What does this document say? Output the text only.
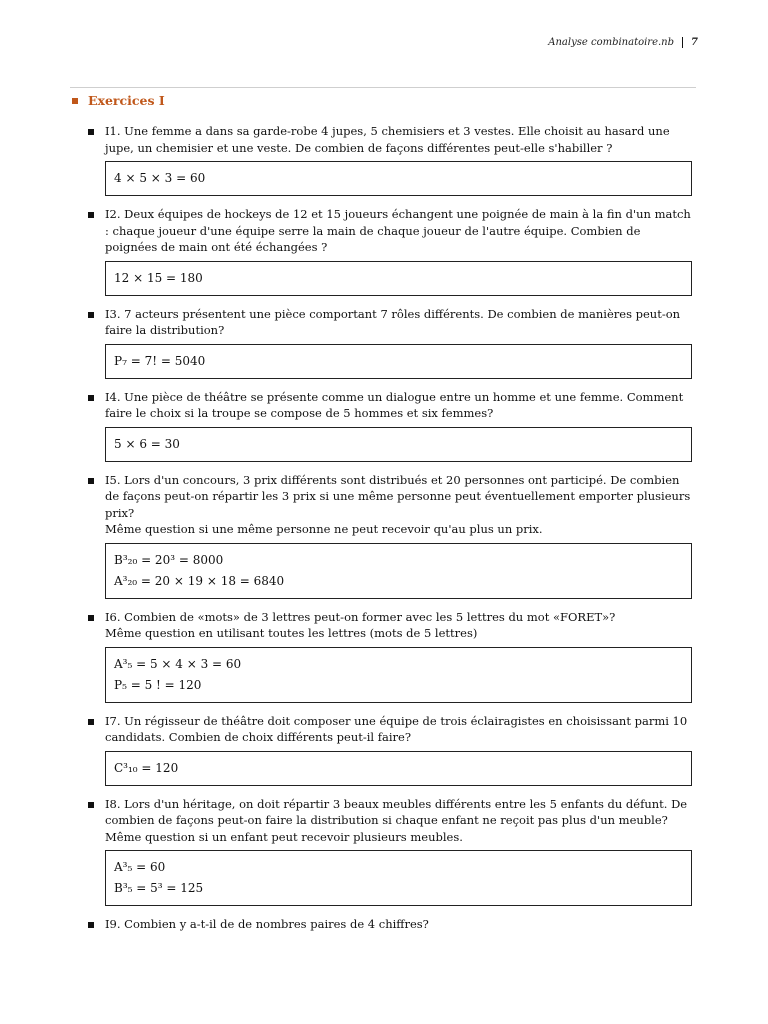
Analyse combinatoire.nb 7
Exercices I
I1. Une femme a dans sa garde-robe 4 jupes, 5 chemisiers et 3 vestes. Elle choisit au hasard une jupe, un chemisier et une veste. De combien de façons différentes peut-elle s'habiller ?
4 × 5 × 3 = 60
I2. Deux équipes de hockeys de 12 et 15 joueurs échangent une poignée de main à la fin d'un match : chaque joueur d'une équipe serre la main de chaque joueur de l'autre équipe. Combien de poignées de main ont été échangées ?
12 × 15 = 180
I3. 7 acteurs présentent une pièce comportant 7 rôles différents. De combien de manières peut-on faire la distribution?
P₇ = 7! = 5040
I4. Une pièce de théâtre se présente comme un dialogue entre un homme et une femme. Comment faire le choix si la troupe se compose de 5 hommes et six femmes?
5 × 6 = 30
I5. Lors d'un concours, 3 prix différents sont distribués et 20 personnes ont participé. De combien de façons peut-on répartir les 3 prix si une même personne peut éventuellement emporter plusieurs prix?
Même question si une même personne ne peut recevoir qu'au plus un prix.
B³₂₀ = 20³ = 8000
A³₂₀ = 20 × 19 × 18 = 6840
I6. Combien de «mots» de 3 lettres peut-on former avec les 5 lettres du mot «FORET»?
Même question en utilisant toutes les lettres (mots de 5 lettres)
A³₅ = 5 × 4 × 3 = 60
P₅ = 5 ! = 120
I7. Un régisseur de théâtre doit composer une équipe de trois éclairagistes en choisissant parmi 10 candidats. Combien de choix différents peut-il faire?
C³₁₀ = 120
I8. Lors d'un héritage, on doit répartir 3 beaux meubles différents entre les 5 enfants du défunt. De combien de façons peut-on faire la distribution si chaque enfant ne reçoit pas plus d'un meuble?
Même question si un enfant peut recevoir plusieurs meubles.
A³₅ = 60
B³₅ = 5³ = 125
I9. Combien y a-t-il de de nombres paires de 4 chiffres?
